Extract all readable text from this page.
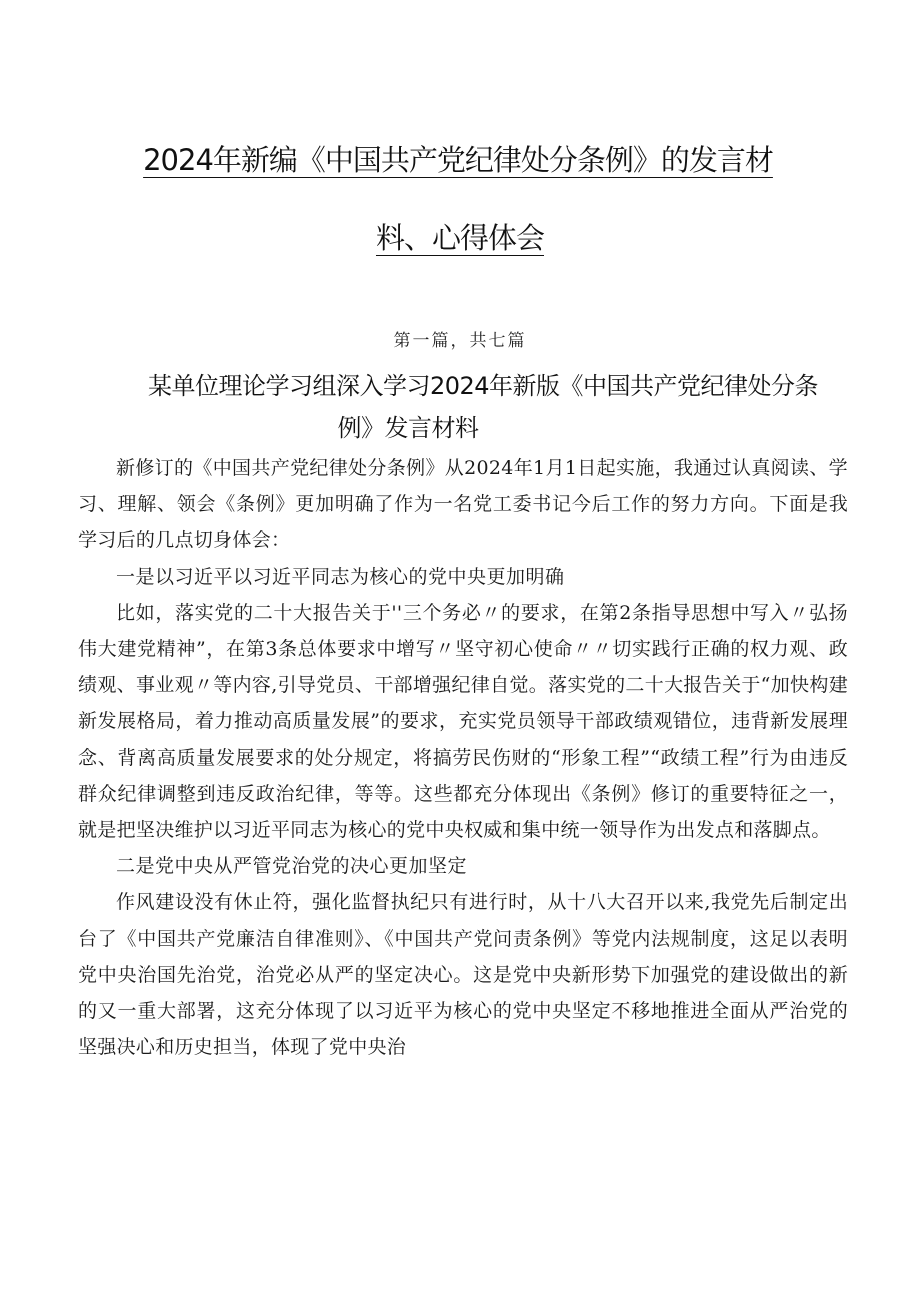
2024年新编《中国共产党纪律处分条例》的发言材
料、心得体会
第一篇，共七篇
某单位理论学习组深入学习2024年新版《中国共产党纪律处分条
例》发言材料

新修订的《中国共产党纪律处分条例》从2024年1月1日起实施，我通过认真阅读、学习、理解、领会《条例》更加明确了作为一名党工委书记今后工作的努力方向。下面是我学习后的几点切身体会：

一是以习近平以习近平同志为核心的党中央更加明确

比如，落实党的二十大报告关于''三个务必〃的要求，在第2条指导思想中写入〃弘扬伟大建党精神”，在第3条总体要求中增写〃坚守初心使命〃〃切实践行正确的权力观、政绩观、事业观〃等内容,引导党员、干部增强纪律自觉。落实党的二十大报告关于“加快构建新发展格局，着力推动高质量发展”的要求，充实党员领导干部政绩观错位，违背新发展理念、背离高质量发展要求的处分规定，将搞劳民伤财的“形象工程”“政绩工程”行为由违反群众纪律调整到违反政治纪律，等等。这些都充分体现出《条例》修订的重要特征之一，就是把坚决维护以习近平同志为核心的党中央权威和集中统一领导作为出发点和落脚点。

二是党中央从严管党治党的决心更加坚定

作风建设没有休止符，强化监督执纪只有进行时，从十八大召开以来,我党先后制定出台了《中国共产党廉洁自律准则》、《中国共产党问责条例》等党内法规制度，这足以表明党中央治国先治党，治党必从严的坚定决心。这是党中央新形势下加强党的建设做出的新的又一重大部署，这充分体现了以习近平为核心的党中央坚定不移地推进全面从严治党的坚强决心和历史担当，体现了党中央治
